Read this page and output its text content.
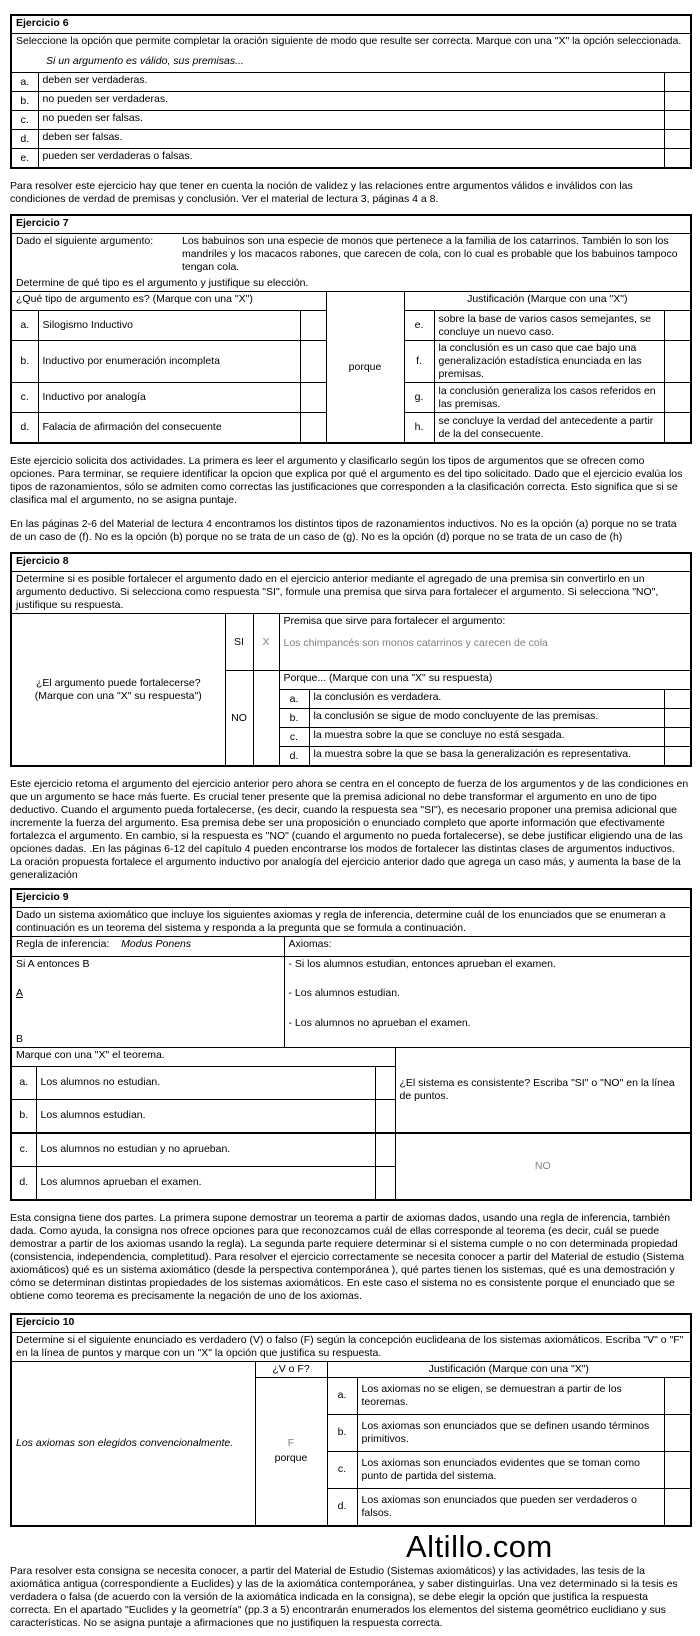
Ejercicio 6		

Seleccione la opción que permite completar la oración siguiente de modo que resulte ser correcta. Marque con una "X" la opción seleccionada.
Si un argumento es válido, sus premisas...		

a.	deben ser verdaderas.	
b.	no pueden ser verdaderas.	
c.	no pueden ser falsas.	
d.	deben ser falsas.	
e.	pueden ser verdaderas o falsas.	

Para resolver este ejercicio hay que tener en cuenta la noción de validez y las relaciones entre argumentos válidos e inválidos con las condiciones de verdad de premisas y conclusión. Ver el material de lectura 3, páginas 4 a 8.

Ejercicio 7						

Dado el siguiente argumento: Los babuinos son una especie de monos que pertenece a la familia de los catarrinos. También lo son los mandriles y los macacos rabones, que carecen de cola, con lo cual es probable que los babuinos tampoco tengan cola.
Determine de qué tipo es el argumento y justifique su elección.						

¿Qué tipo de argumento es? (Marque con una "X")			porque	Justificación (Marque con una "X")		
a.	Silogismo Inductivo			e.	sobre la base de varios casos semejantes, se concluye un nuevo caso.	
b.	Inductivo por enumeración incompleta			f.	la conclusión es un caso que cae bajo una generalización estadística enunciada en las premisas.	
c.	Inductivo por analogía			g.	la conclusión generaliza los casos referidos en las premisas.	
d.	Falacia de afirmación del consecuente			h.	se concluye la verdad del antecedente a partir de la del consecuente.	

Este ejercicio solicita dos actividades. La primera es leer el argumento y clasificarlo según los tipos de argumentos que se ofrecen como opciones. Para terminar, se requiere identificar la opcion que explica por qué el argumento es del tipo solicitado. Dado que el ejercicio evalúa los tipos de razonamientos, sólo se admiten como correctas las justificaciones que corresponden a la clasificación correcta. Esto significa que si se clasifica mal el argumento, no se asigna puntaje.

En las páginas 2-6 del Material de lectura 4 encontramos los distintos tipos de razonamientos inductivos. No es la opción (a) porque no se trata de un caso de (f). No es la opción (b) porque no se trata de un caso de (g). No es la opción (d) porque no se trata de un caso de (h)

Ejercicio 8					
Determine si es posible fortalecer el argumento dado en el ejercicio anterior mediante el agregado de una premisa sin convertirlo en un argumento deductivo. Si selecciona como respuesta "SI", formule una premisa que sirva para fortalecer el argumento. Si selecciona "NO", justifique su respuesta.					

¿El argumento puede fortalecerse?
(Marque con una "X" su respuesta")
	SI	X	
Premisa que sirve para fortalecer el argumento:
Los chimpancés son monos catarrinos y carecen de cola

	NO		Porque... (Marque con una "X" su respuesta)		
			a.	la conclusión es verdadera.	
			b.	la conclusión se sigue de modo concluyente de las premisas.	
			c.	la muestra sobre la que se concluye no está sesgada.	
			d.	la muestra sobre la que se basa la generalización es representativa.	

Este ejercicio retoma el argumento del ejercicio anterior pero ahora se centra en el concepto de fuerza de los argumentos y de las condiciones en que un argumento se hace más fuerte. Es crucial tener presente que la premisa adicional no debe transformar el argumento en uno de tipo deductivo. Cuando el argumento pueda fortalecerse, (es decir, cuando la respuesta sea "SI"), es necesario proponer una premisa adicional que incremente la fuerza del argumento. Esa premisa debe ser una proposición o enunciado completo que aporte información que efectivamente fortalezca el argumento. En cambio, si la respuesta es "NO" (cuando el argumento no pueda fortalecerse), se debe justificar eligiendo una de las opciones dadas. .En las páginas 6-12 del capítulo 4 pueden encontrarse los modos de fortalecer las distintas clases de argumentos inductivos.

La oración propuesta fortalece el argumento inductivo por analogía del ejercicio anterior dado que agrega un caso más, y aumenta la base de la generalización

Ejercicio 9				
Dado un sistema axiomático que incluye los siguientes axiomas y regla de inferencia, determine cuál de los enunciados que se enumeran a continuación es un teorema del sistema y responda a la pregunta que se formula a continuación.				
Regla de inferencia: Modus Ponens		Axiomas:		

Si A entonces B
A
B

- Si los alumnos estudian, entonces aprueban el examen.
- Los alumnos estudian.
- Los alumnos no aprueban el examen.

Marque con una "X" el teorema.				¿El sistema es consistente? Escriba "SI" o "NO" en la línea de puntos.
a.	Los alumnos no estudian.			
b.	Los alumnos estudian.			
c.	Los alumnos no estudian y no aprueban.			NO
d.	Los alumnos aprueban el examen.			

Esta consigna tiene dos partes. La primera supone demostrar un teorema a partir de axiomas dados, usando una regla de inferencia, también dada. Como ayuda, la consigna nos ofrece opciones para que reconozcamos cuál de ellas corresponde al teorema (es decir, cuál se puede demostrar a partir de los axiomas usando la regla). La segunda parte requiere determinar si el sistema cumple o no con determinada propiedad (consistencia, independencia, completitud). Para resolver el ejercicio correctamente se necesita conocer a partir del Material de estudio (Sistema axiomáticos) qué es un sistema axiomático (desde la perspectiva contemporánea ), qué partes tienen los sistemas, qué es una demostración y cómo se determinan distintas propiedades de los sistemas axiomáticos. En este caso el sistema no es consistente porque el enunciado que se obtiene como teorema es precisamente la negación de uno de los axiomas.

Ejercicio 10				
Determine si el siguiente enunciado es verdadero (V) o falso (F) según la concepción euclideana de los sistemas axiomáticos. Escriba "V" o "F" en la línea de puntos y marque con un "X" la opción que justifica su respuesta.				
Los axiomas son elegidos convencionalmente.	¿V o F?	Justificación (Marque con una "X")		

	F
porque	a.	Los axiomas no se eligen, se demuestran a partir de los teoremas.	
		b.	Los axiomas son enunciados que se definen usando términos primitivos.	
		c.	Los axiomas son enunciados evidentes que se toman como punto de partida del sistema.	
		d.	Los axiomas son enunciados que pueden ser verdaderos o falsos.	
Altillo.com

Para resolver esta consigna se necesita conocer, a partir del Material de Estudio (Sistemas axiomáticos) y las actividades, las tesis de la axiomática antigua (correspondiente a Euclides) y las de la axiomática contemporánea, y saber distinguirlas. Una vez determinado si la tesis es verdadera o falsa (de acuerdo con la versión de la axiomática indicada en la consigna), se debe elegir la opción que justifica la respuesta correcta. En el apartado "Euclides y la geometría" (pp.3 a 5) encontrarán enumerados los elementos del sistema geométrico euclidiano y sus características. No se asigna puntaje a afirmaciones que no justifiquen la respuesta correcta.
